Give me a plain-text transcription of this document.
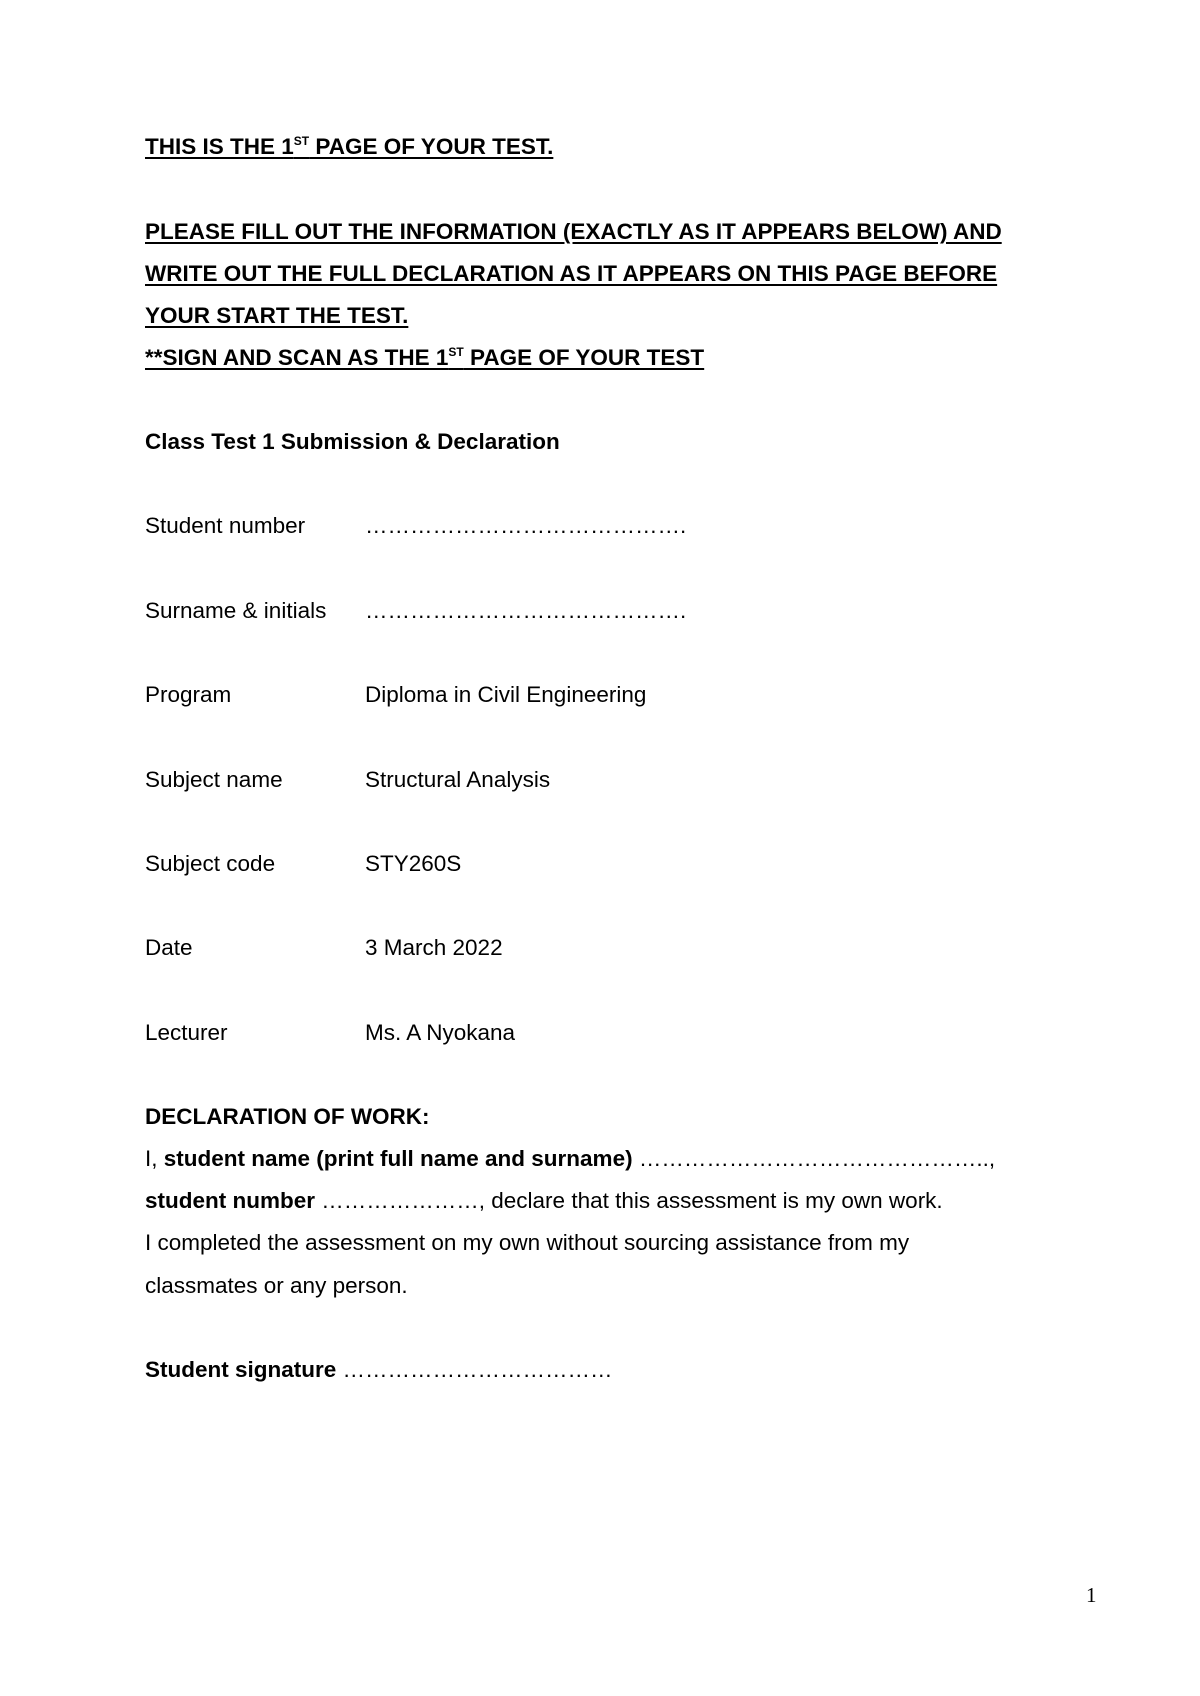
THIS IS THE 1ST PAGE OF YOUR TEST.
PLEASE FILL OUT THE INFORMATION (EXACTLY AS IT APPEARS BELOW) AND
WRITE OUT THE FULL DECLARATION AS IT APPEARS ON THIS PAGE BEFORE
YOUR START THE TEST.
**SIGN AND SCAN AS THE 1ST PAGE OF YOUR TEST
Class Test 1 Submission & Declaration
Student number	…………………………………….
Surname & initials …………………………………….
Program	Diploma in Civil Engineering
Subject name	Structural Analysis
Subject code	STY260S
Date	3 March 2022
Lecturer	Ms. A Nyokana
DECLARATION OF WORK:
I, student name (print full name and surname) ………………………………………..,
student number …………………, declare that this assessment is my own work.
I completed the assessment on my own without sourcing assistance from my
classmates or any person.
Student signature ………………………………
1
